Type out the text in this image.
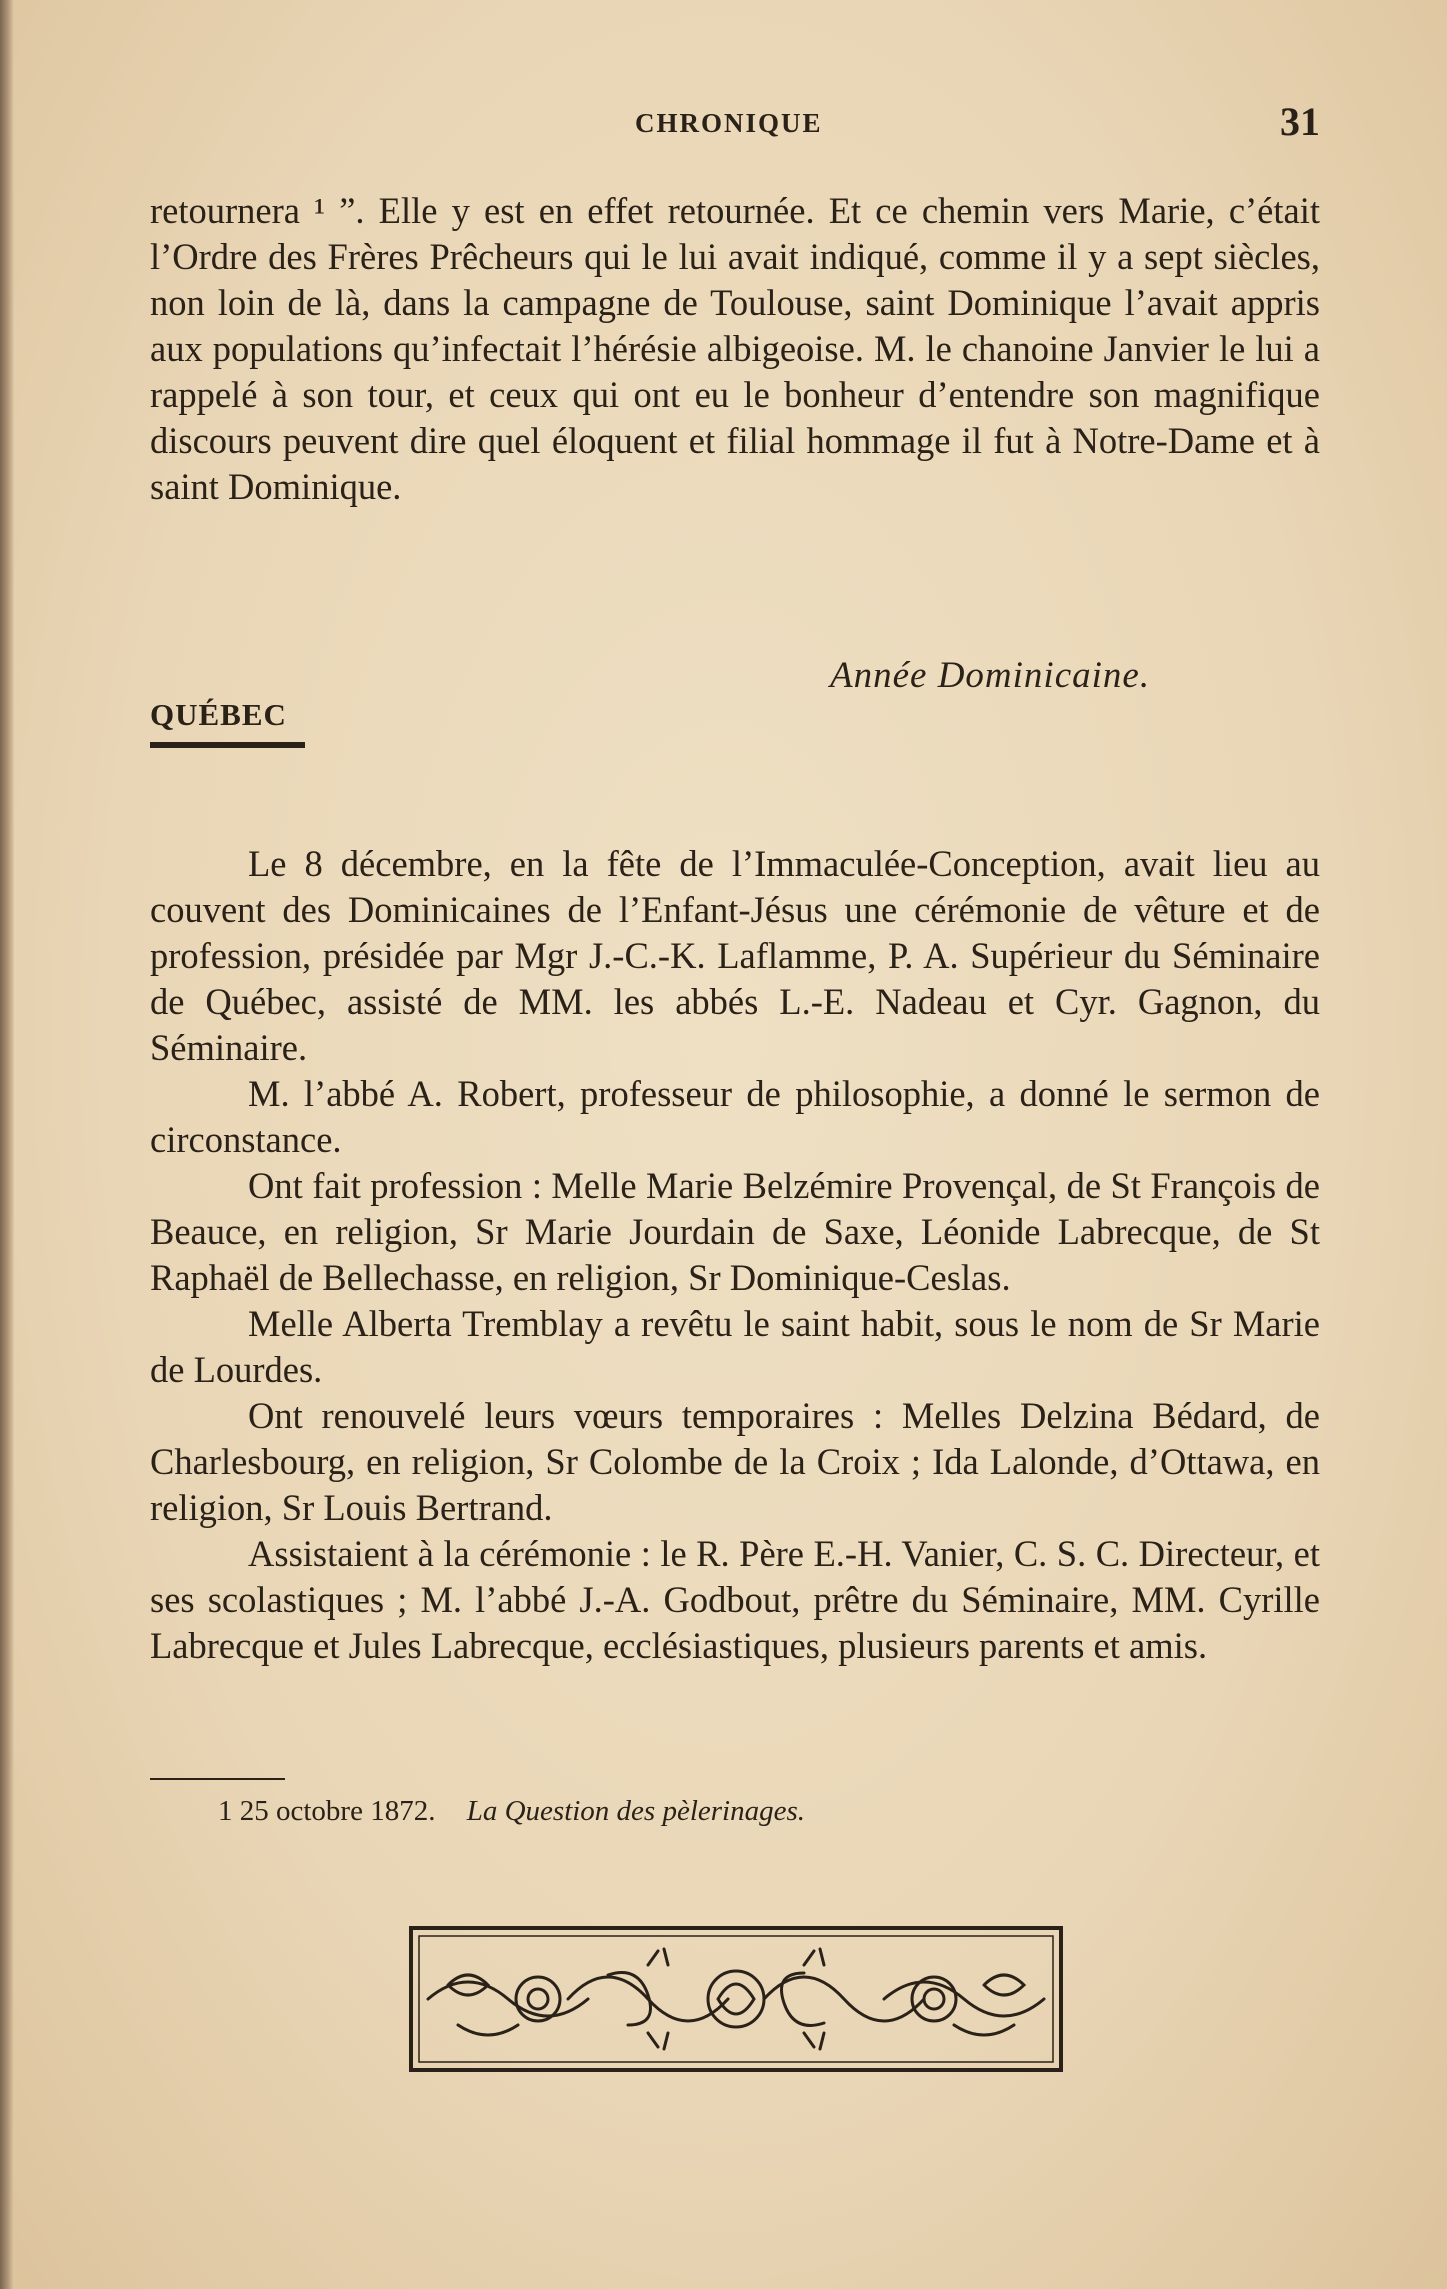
CHRONIQUE	31

retournera ¹ ”. Elle y est en effet retournée. Et ce chemin vers Marie, c’était l’Ordre des Frères Prêcheurs qui le lui avait indiqué, comme il y a sept siècles, non loin de là, dans la campagne de Toulouse, saint Dominique l’avait appris aux populations qu’infectait l’hérésie albigeoise. M. le chanoine Janvier le lui a rappelé à son tour, et ceux qui ont eu le bonheur d’entendre son magnifique discours peuvent dire quel éloquent et filial hommage il fut à Notre-Dame et à saint Dominique.

Année Dominicaine.
QUÉBEC

Le 8 décembre, en la fête de l’Immaculée-Conception, avait lieu au couvent des Dominicaines de l’Enfant-Jésus une cérémonie de vêture et de profession, présidée par Mgr J.-C.-K. Laflamme, P. A. Supérieur du Séminaire de Québec, assisté de MM. les abbés L.-E. Nadeau et Cyr. Gagnon, du Séminaire.

M. l’abbé A. Robert, professeur de philosophie, a donné le sermon de circonstance.

Ont fait profession : Melle Marie Belzémire Provençal, de St François de Beauce, en religion, Sr Marie Jourdain de Saxe, Léonide Labrecque, de St Raphaël de Bellechasse, en religion, Sr Dominique-Ceslas.

Melle Alberta Tremblay a revêtu le saint habit, sous le nom de Sr Marie de Lourdes.

Ont renouvelé leurs vœurs temporaires : Melles Delzina Bédard, de Charlesbourg, en religion, Sr Colombe de la Croix ; Ida Lalonde, d’Ottawa, en religion, Sr Louis Bertrand.

Assistaient à la cérémonie : le R. Père E.-H. Vanier, C. S. C. Directeur, et ses scolastiques ; M. l’abbé J.-A. Godbout, prêtre du Séminaire, MM. Cyrille Labrecque et Jules Labrecque, ecclésiastiques, plusieurs parents et amis.

1 25 octobre 1872. La Question des pèlerinages.
